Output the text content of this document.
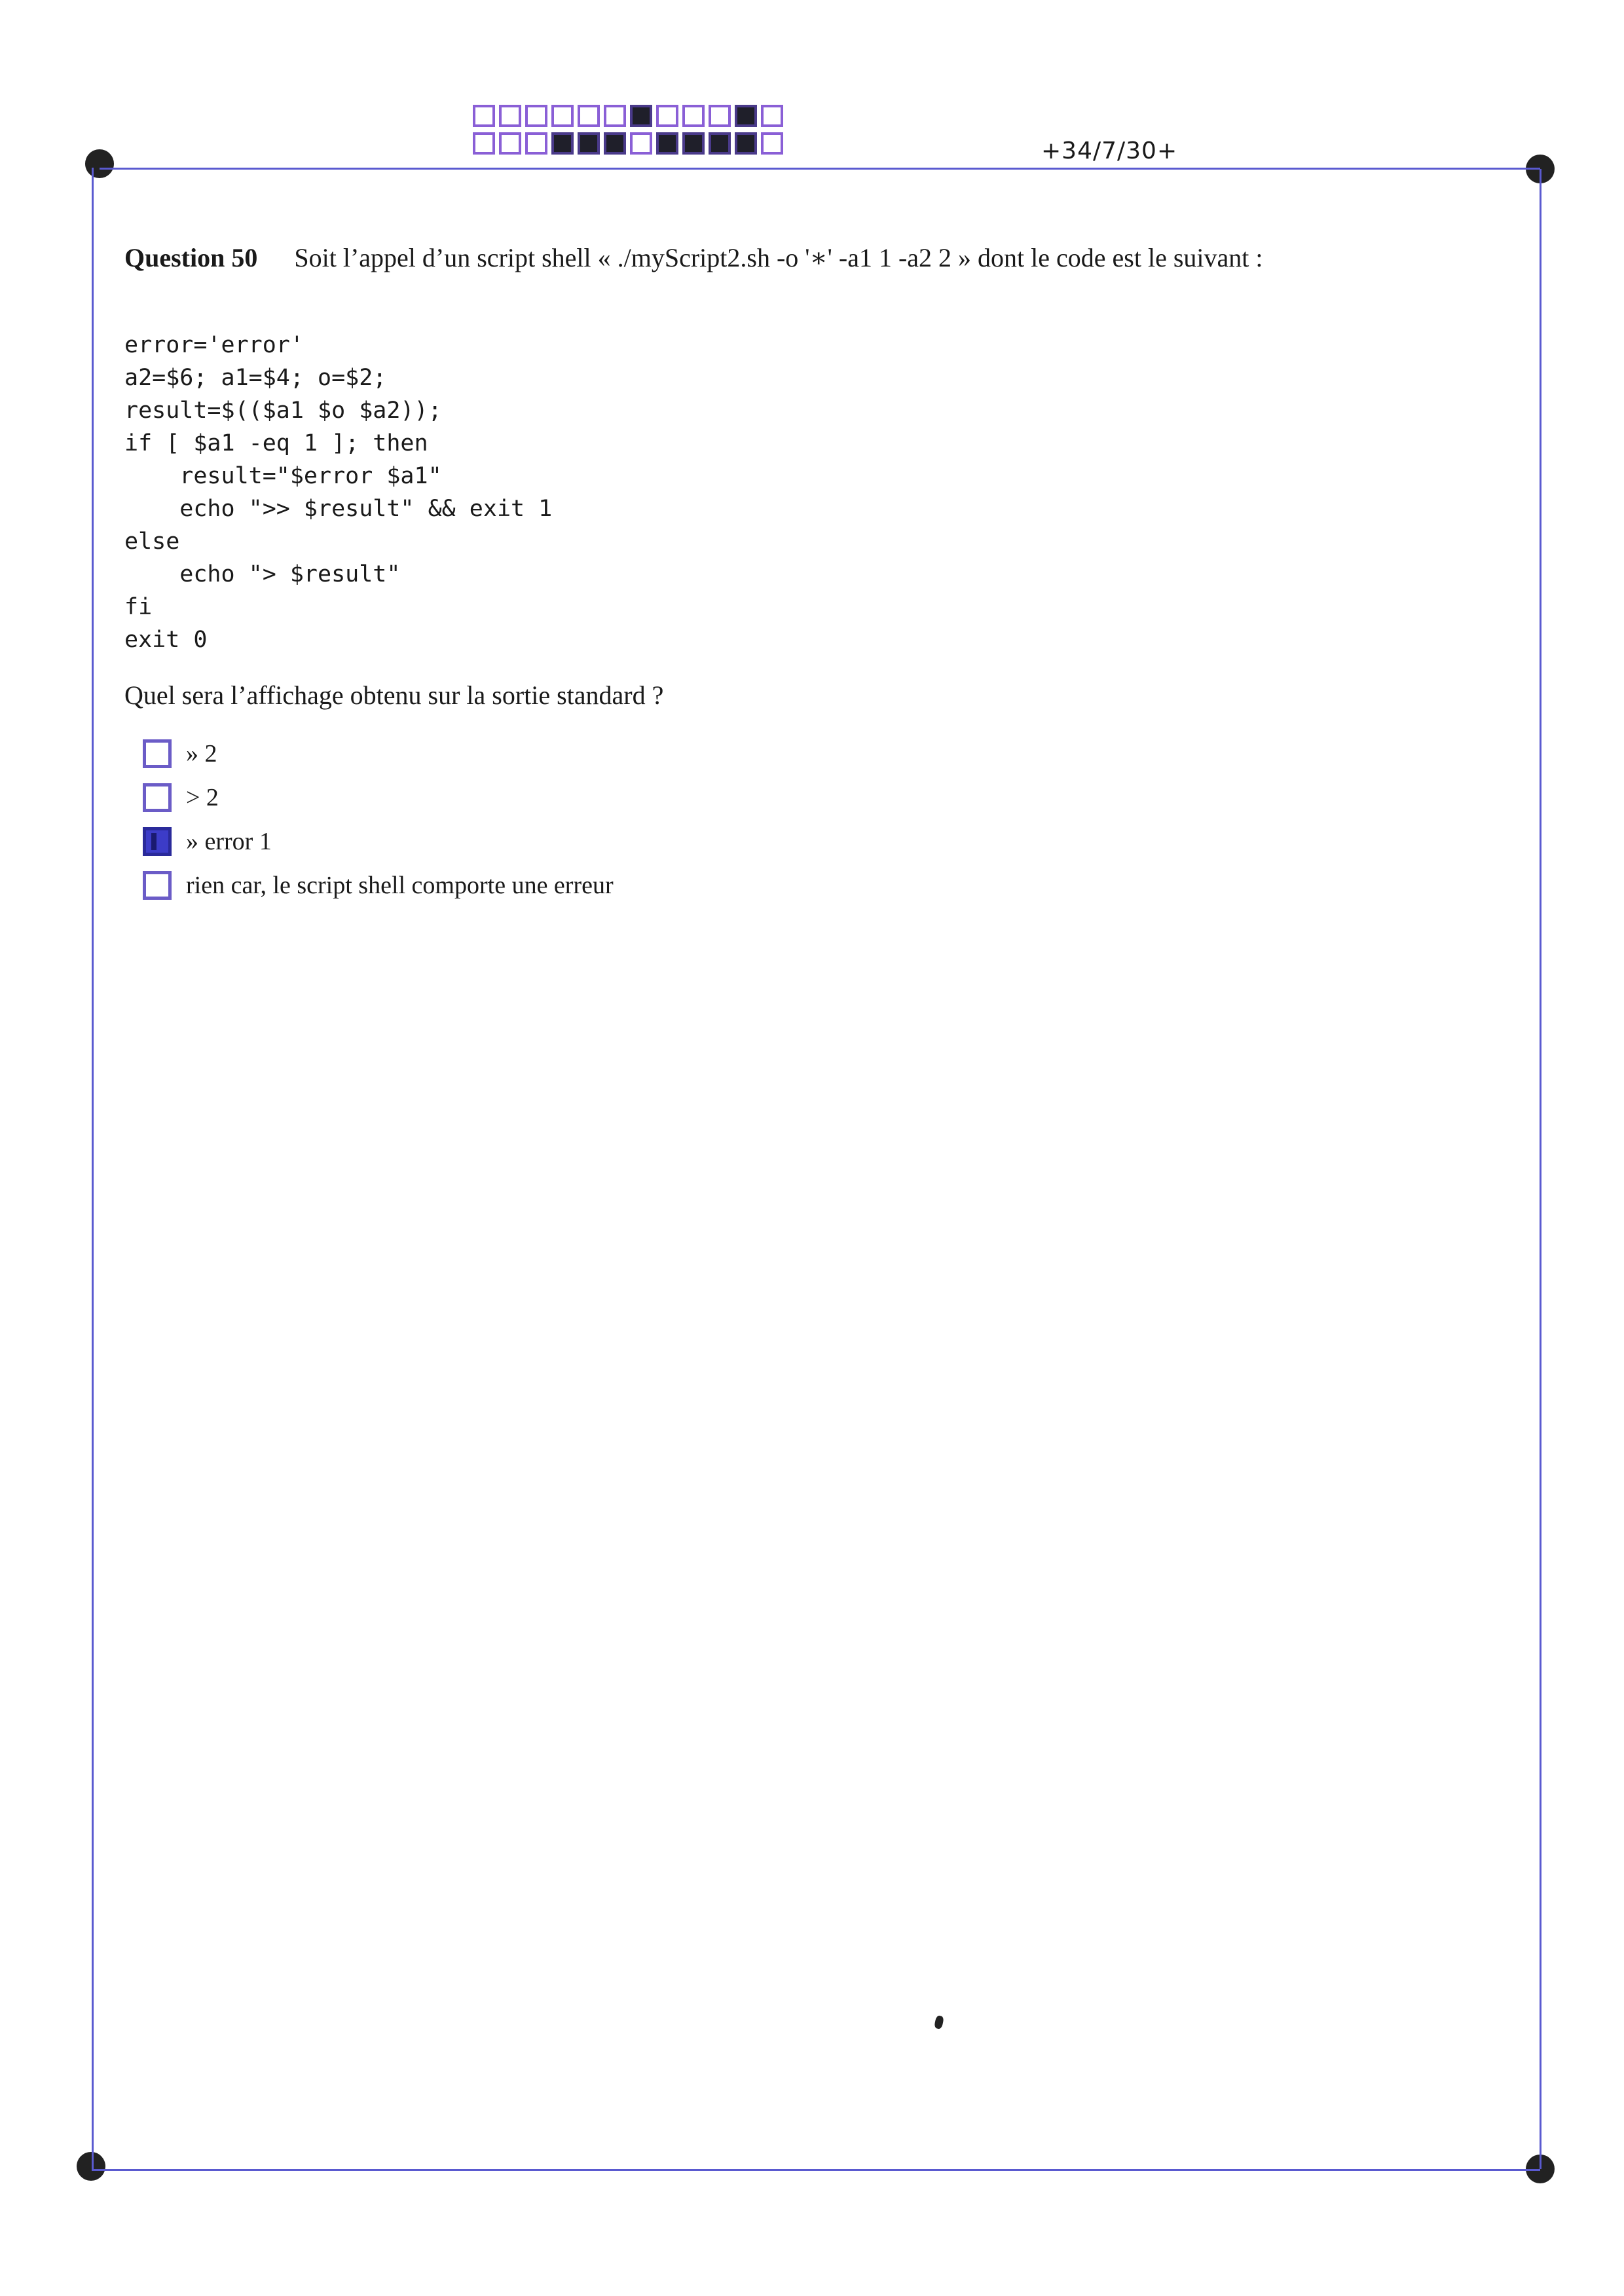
+34/7/30+
Question 50 Soit l’appel d’un script shell « ./myScript2.sh -o '∗' -a1 1 -a2 2 » dont le code est le suivant :
error='error'
a2=$6; a1=$4; o=$2;
result=$(($a1 $o $a2));
if [ $a1 -eq 1 ]; then
result="$error $a1"
echo ">> $result" && exit 1
else
echo "> $result"
fi
exit 0
Quel sera l’affichage obtenu sur la sortie standard ?
» 2
> 2
» error 1
rien car, le script shell comporte une erreur
